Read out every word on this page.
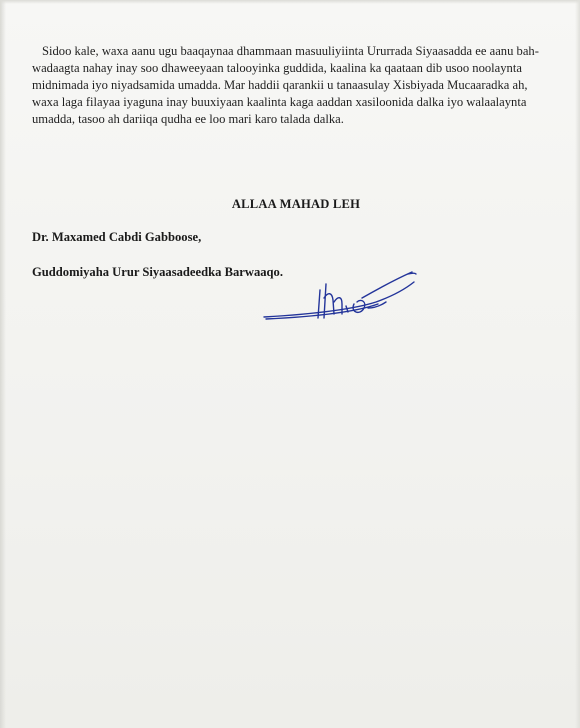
Sidoo kale, waxa aanu ugu baaqaynaa dhammaan masuuliyiinta Ururrada Siyaasadda ee aanu bah-
wadaagta nahay inay soo dhaweeyaan talooyinka guddida, kaalina ka qaataan dib usoo noolaynta
midnimada iyo niyadsamida umadda. Mar haddii qarankii u tanaasulay Xisbiyada Mucaaradka ah,
waxa laga filayaa iyaguna inay buuxiyaan kaalinta kaga aaddan xasiloonida dalka iyo walaalaynta
umadda, tasoo ah dariiqa qudha ee loo mari karo talada dalka.

ALLAA MAHAD LEH
Dr. Maxamed Cabdi Gabboose,
Guddomiyaha Urur Siyaasadeedka Barwaaqo.
